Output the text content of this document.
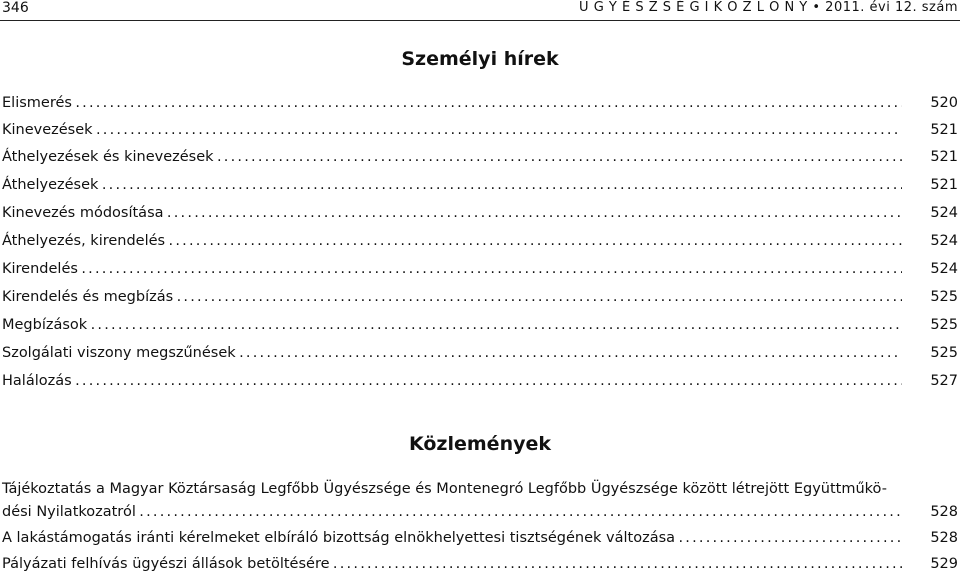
346	Ü G Y É S Z S É G I K Ö Z L Ö N Y • 2011. évi 12. szám
Személyi hírek
Elismerés . . .	520
Kinevezések . . .	521
Áthelyezések és kinevezések . . .	521
Áthelyezések . . .	521
Kinevezés módosítása . . .	524
Áthelyezés, kirendelés . . .	524
Kirendelés . . .	524
Kirendelés és megbízás . . .	525
Megbízások . . .	525
Szolgálati viszony megszűnések . . .	525
Halálozás . . .	527
Közlemények
Tájékoztatás a Magyar Köztársaság Legfőbb Ügyészsége és Montenegró Legfőbb Ügyészsége között létrejött Együttműkö-
dési Nyilatkozatról . . .	528
A lakástámogatás iránti kérelmeket elbíráló bizottság elnökhelyettesi tisztségének változása . . .	528
Pályázati felhívás ügyészi állások betöltésére . . .	529
